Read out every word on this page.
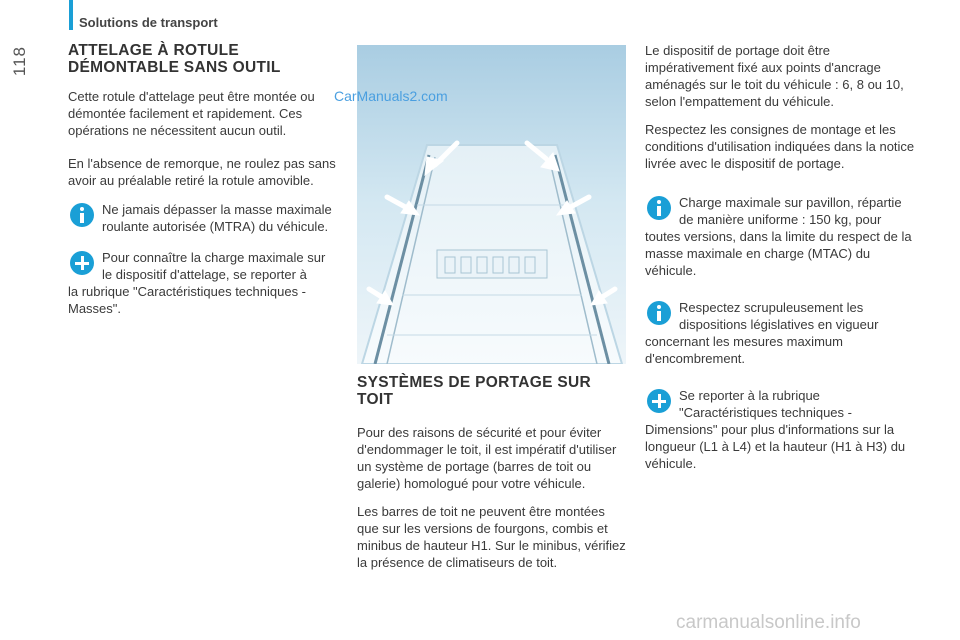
Solutions de transport
118	ATTELAGE À ROTULE
DÉMONTABLE SANS OUTIL

Cette rotule d'attelage peut être montée ou démontée facilement et rapidement. Ces opérations ne nécessitent aucun outil.

En l'absence de remorque, ne roulez pas sans avoir au préalable retiré la rotule amovible.

Ne jamais dépasser la masse maximale roulante autorisée (MTRA) du véhicule.
Pour connaître la charge maximale sur le dispositif d'attelage, se reporter à
la rubrique "Caractéristiques techniques - Masses".
CarManuals2.com
SYSTÈMES DE PORTAGE SUR
TOIT

Pour des raisons de sécurité et pour éviter d'endommager le toit, il est impératif d'utiliser un système de portage (barres de toit ou galerie) homologué pour votre véhicule.

Les barres de toit ne peuvent être montées que sur les versions de fourgons, combis et minibus de hauteur H1. Sur le minibus, vérifiez la présence de climatiseurs de toit.

Le dispositif de portage doit être impérativement fixé aux points d'ancrage aménagés sur le toit du véhicule : 6, 8 ou 10, selon l'empattement du véhicule.

Respectez les consignes de montage et les conditions d'utilisation indiquées dans la notice livrée avec le dispositif de portage.

Charge maximale sur pavillon, répartie de manière uniforme : 150 kg, pour
toutes versions, dans la limite du respect de la masse maximale en charge (MTAC) du véhicule.
Respectez scrupuleusement les dispositions législatives en vigueur
concernant les mesures maximum d'encombrement.
Se reporter à la rubrique "Caractéristiques techniques -
Dimensions" pour plus d'informations sur la longueur (L1 à L4) et la hauteur (H1 à H3) du véhicule.
carmanualsonline.info
